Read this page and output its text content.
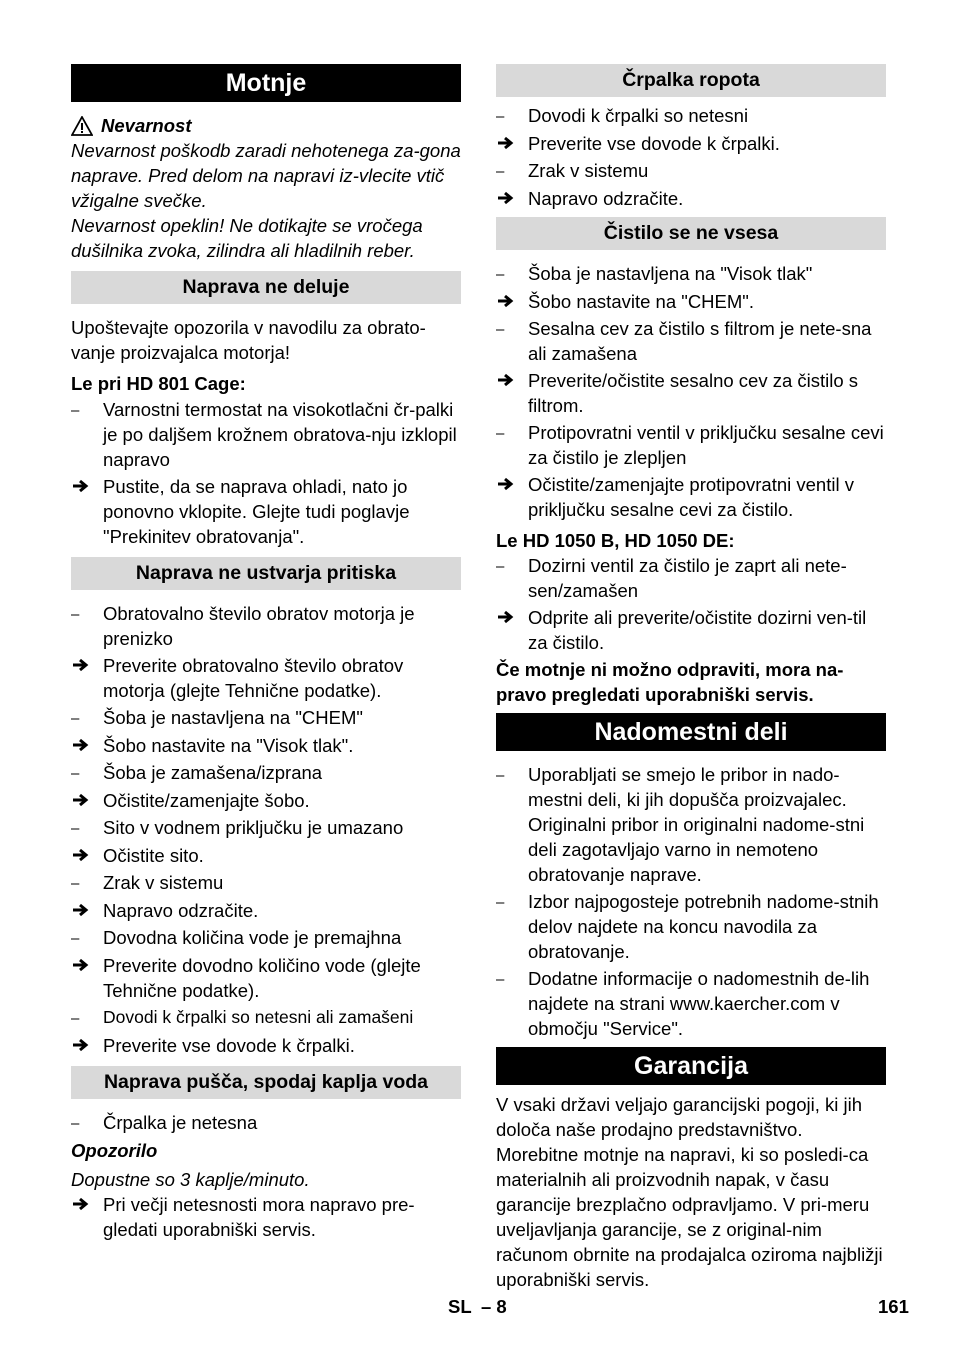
Motnje
Nevarnost
Nevarnost poškodb zaradi nehotenega za-gona naprave. Pred delom na napravi iz-vlecite vtič vžigalne svečke.
Nevarnost opeklin! Ne dotikajte se vročega dušilnika zvoka, zilindra ali hladilnih reber.
Naprava ne deluje
Upoštevajte opozorila v navodilu za obrato-vanje proizvajalca motorja!
Le pri HD 801 Cage:
–	Varnostni termostat na visokotlačni čr-palki je po daljšem krožnem obratova-nju izklopil napravo
Pustite, da se naprava ohladi, nato jo ponovno vklopite. Glejte tudi poglavje "Prekinitev obratovanja".
Naprava ne ustvarja pritiska
–	Obratovalno število obratov motorja je prenizko
Preverite obratovalno število obratov motorja (glejte Tehnične podatke).
–	Šoba je nastavljena na "CHEM"
Šobo nastavite na "Visok tlak".
–	Šoba je zamašena/izprana
Očistite/zamenjajte šobo.
–	Sito v vodnem priključku je umazano
Očistite sito.
–	Zrak v sistemu
Napravo odzračite.
–	Dovodna količina vode je premajhna
Preverite dovodno količino vode (glejte Tehnične podatke).
–	Dovodi k črpalki so netesni ali zamašeni
Preverite vse dovode k črpalki.
Naprava pušča, spodaj kaplja voda
–	Črpalka je netesna
Opozorilo
Dopustne so 3 kaplje/minuto.
Pri večji netesnosti mora napravo pre-gledati uporabniški servis.
Črpalka ropota
–	Dovodi k črpalki so netesni
Preverite vse dovode k črpalki.
–	Zrak v sistemu
Napravo odzračite.
Čistilo se ne vsesa
–	Šoba je nastavljena na "Visok tlak"
Šobo nastavite na "CHEM".
–	Sesalna cev za čistilo s filtrom je nete-sna ali zamašena
Preverite/očistite sesalno cev za čistilo s filtrom.
–	Protipovratni ventil v priključku sesalne cevi za čistilo je zlepljen
Očistite/zamenjajte protipovratni ventil v priključku sesalne cevi za čistilo.
Le HD 1050 B, HD 1050 DE:
–	Dozirni ventil za čistilo je zaprt ali nete-sen/zamašen
Odprite ali preverite/očistite dozirni ven-til za čistilo.
Če motnje ni možno odpraviti, mora na-pravo pregledati uporabniški servis.
Nadomestni deli
–	Uporabljati se smejo le pribor in nado-mestni deli, ki jih dopušča proizvajalec. Originalni pribor in originalni nadome-stni deli zagotavljajo varno in nemoteno obratovanje naprave.
–	Izbor najpogosteje potrebnih nadome-stnih delov najdete na koncu navodila za obratovanje.
–	Dodatne informacije o nadomestnih de-lih najdete na strani www.kaercher.com v območju "Service".
Garancija
V vsaki državi veljajo garancijski pogoji, ki jih določa naše prodajno predstavništvo. Morebitne motnje na napravi, ki so posledi-ca materialnih ali proizvodnih napak, v času garancije brezplačno odpravljamo. V pri-meru uveljavljanja garancije, se z original-nim računom obrnite na prodajalca oziroma najbližji uporabniški servis.
SL – 8	161
